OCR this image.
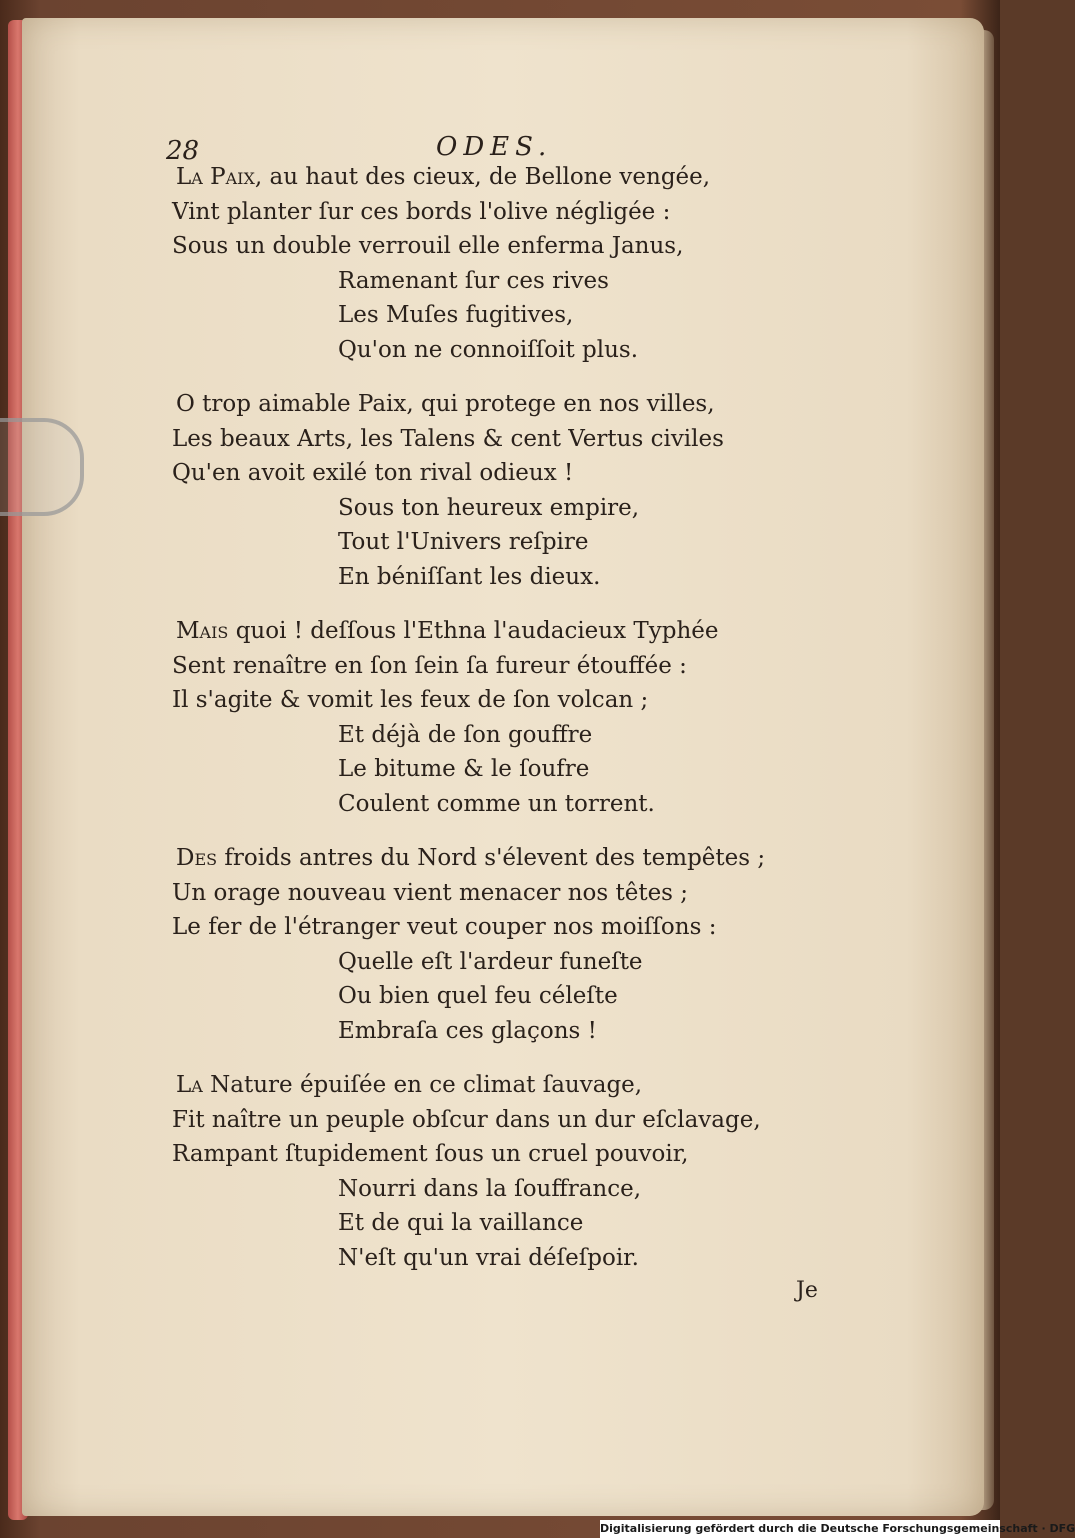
28	ODES.
La Paix, au haut des cieux, de Bellone vengée,
Vint planter ſur ces bords l'olive négligée :
Sous un double verrouil elle enferma Janus,
Ramenant ſur ces rives
Les Muſes fugitives,
Qu'on ne connoiſſoit plus.
O trop aimable Paix, qui protege en nos villes,
Les beaux Arts, les Talens & cent Vertus civiles
Qu'en avoit exilé ton rival odieux !
Sous ton heureux empire,
Tout l'Univers reſpire
En béniſſant les dieux.
Mais quoi ! deſſous l'Ethna l'audacieux Typhée
Sent renaître en ſon ſein ſa fureur étouffée :
Il s'agite & vomit les feux de ſon volcan ;
Et déjà de ſon gouffre
Le bitume & le ſoufre
Coulent comme un torrent.
Des froids antres du Nord s'élevent des tempêtes ;
Un orage nouveau vient menacer nos têtes ;
Le fer de l'étranger veut couper nos moiſſons :
Quelle eſt l'ardeur funeſte
Ou bien quel feu céleſte
Embraſa ces glaçons !
La Nature épuiſée en ce climat ſauvage,
Fit naître un peuple obſcur dans un dur eſclavage,
Rampant ſtupidement ſous un cruel pouvoir,
Nourri dans la ſouffrance,
Et de qui la vaillance
N'eſt qu'un vrai déſeſpoir.
Je
Digitalisierung gefördert durch die Deutsche Forschungsgemeinschaft · DFG
